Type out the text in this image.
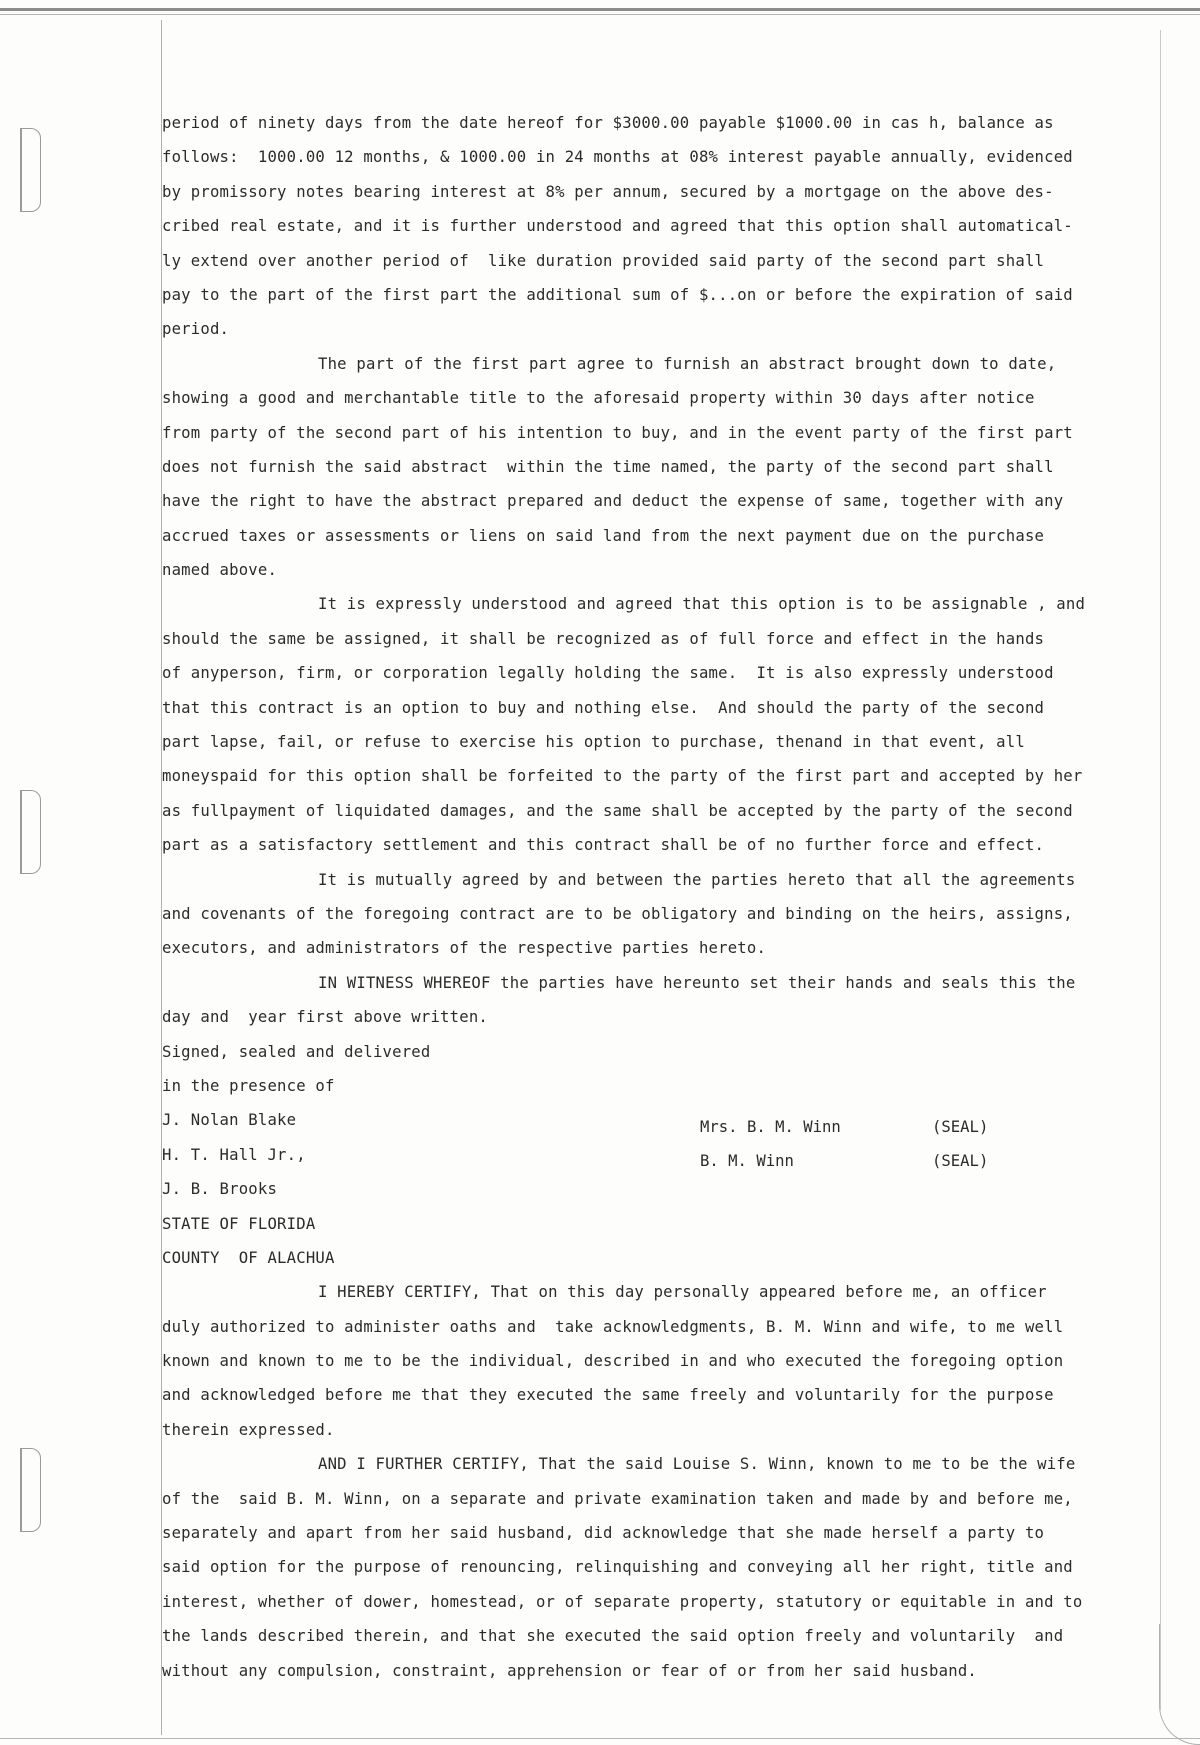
period of ninety days from the date hereof for $3000.00 payable $1000.00 in cas h, balance as
follows:  1000.00 12 months, & 1000.00 in 24 months at 08% interest payable annually, evidenced
by promissory notes bearing interest at 8% per annum, secured by a mortgage on the above des-
cribed real estate, and it is further understood and agreed that this option shall automatical-
ly extend over another period of  like duration provided said party of the second part shall
pay to the part of the first part the additional sum of $...on or before the expiration of said
period.
The part of the first part agree to furnish an abstract brought down to date,
showing a good and merchantable title to the aforesaid property within 30 days after notice
from party of the second part of his intention to buy, and in the event party of the first part
does not furnish the said abstract  within the time named, the party of the second part shall
have the right to have the abstract prepared and deduct the expense of same, together with any
accrued taxes or assessments or liens on said land from the next payment due on the purchase
named above.
It is expressly understood and agreed that this option is to be assignable , and
should the same be assigned, it shall be recognized as of full force and effect in the hands
of anyperson, firm, or corporation legally holding the same.  It is also expressly understood
that this contract is an option to buy and nothing else.  And should the party of the second
part lapse, fail, or refuse to exercise his option to purchase, thenand in that event, all
moneyspaid for this option shall be forfeited to the party of the first part and accepted by her
as fullpayment of liquidated damages, and the same shall be accepted by the party of the second
part as a satisfactory settlement and this contract shall be of no further force and effect.
It is mutually agreed by and between the parties hereto that all the agreements
and covenants of the foregoing contract are to be obligatory and binding on the heirs, assigns,
executors, and administrators of the respective parties hereto.
IN WITNESS WHEREOF the parties have hereunto set their hands and seals this the
day and  year first above written.
Signed, sealed and delivered
in the presence of
J. Nolan Blake
H. T. Hall Jr.,
J. B. Brooks
STATE OF FLORIDA
COUNTY  OF ALACHUA
I HEREBY CERTIFY, That on this day personally appeared before me, an officer
duly authorized to administer oaths and  take acknowledgments, B. M. Winn and wife, to me well
known and known to me to be the individual, described in and who executed the foregoing option
and acknowledged before me that they executed the same freely and voluntarily for the purpose
therein expressed.
AND I FURTHER CERTIFY, That the said Louise S. Winn, known to me to be the wife
of the  said B. M. Winn, on a separate and private examination taken and made by and before me,
separately and apart from her said husband, did acknowledge that she made herself a party to
said option for the purpose of renouncing, relinquishing and conveying all her right, title and
interest, whether of dower, homestead, or of separate property, statutory or equitable in and to
the lands described therein, and that she executed the said option freely and voluntarily  and
without any compulsion, constraint, apprehension or fear of or from her said husband.
Mrs. B. M. Winn	(SEAL)
B. M. Winn	(SEAL)
